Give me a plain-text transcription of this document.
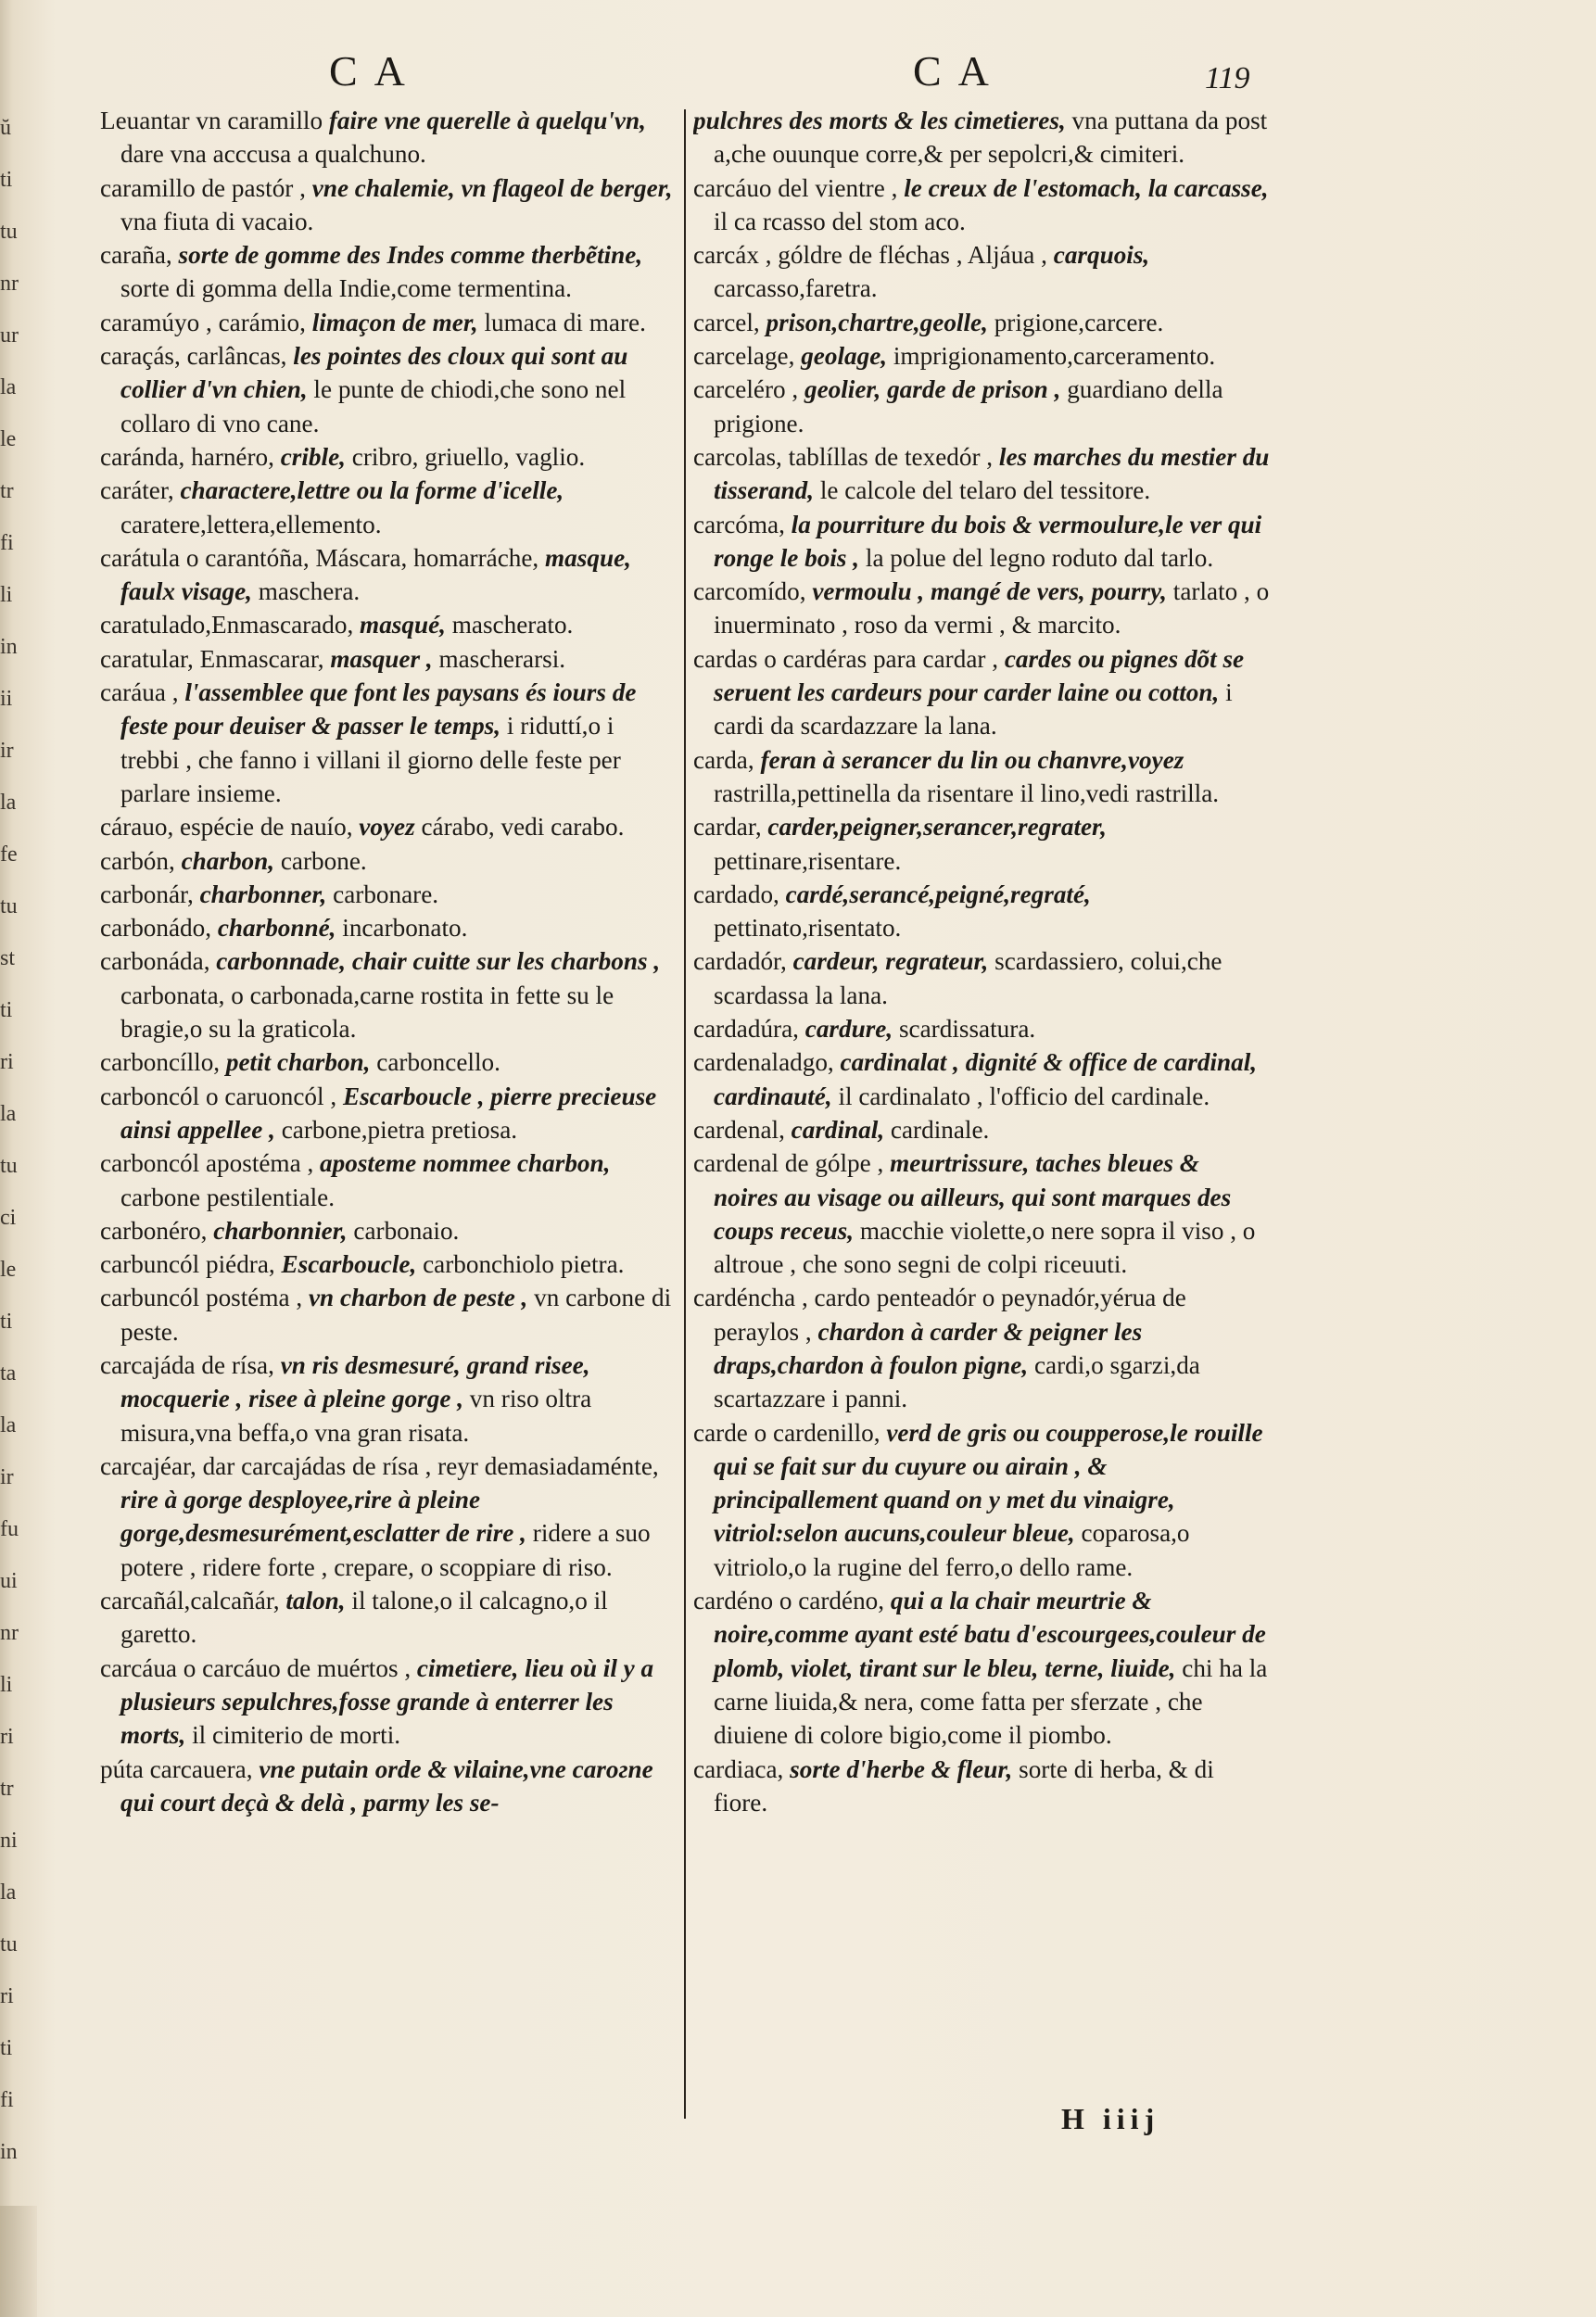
ŭ
ti
tu
nr
ur
la
le
tr
fi
li
in
ii
ir
la
fe
tu
st
ti
ri
la
tu
ci
le
ti
ta
la
ir
fu
ui
nr
li
ri
tr
ni
la
tu
ri
ti
fi
in
CA	CA	119

Leuantar vn caramillo faire vne querelle à quelqu'vn, dare vna acccusa a qualchuno.

caramillo de pastór , vne chalemie, vn flageol de berger, vna fiuta di vacaio.

caraña, sorte de gomme des Indes comme therbẽtine, sorte di gomma della Indie,come termentina.

caramúyo , carámio, limaçon de mer, lumaca di mare.

caraçás, carlâncas, les pointes des cloux qui sont au collier d'vn chien, le punte de chiodi,che sono nel collaro di vno cane.

caránda, harnéro, crible, cribro, griuello, vaglio.

caráter, charactere,lettre ou la forme d'icelle, caratere,lettera,ellemento.

carátula o carantóña, Máscara, homarráche, masque, faulx visage, maschera.

caratulado,Enmascarado, masqué, mascherato.

caratular, Enmascarar, masquer , mascherarsi.

caráua , l'assemblee que font les paysans és iours de feste pour deuiser & passer le temps, i riduttí,o i trebbi , che fanno i villani il giorno delle feste per parlare insieme.

cárauo, espécie de nauío, voyez cárabo, vedi carabo.

carbón, charbon, carbone.

carbonár, charbonner, carbonare.

carbonádo, charbonné, incarbonato.

carbonáda, carbonnade, chair cuitte sur les charbons , carbonata, o carbonada,carne rostita in fette su le bragie,o su la graticola.

carboncíllo, petit charbon, carboncello.

carboncól o caruoncól , Escarboucle , pierre precieuse ainsi appellee , carbone,pietra pretiosa.

carboncól apostéma , apostemе nommee charbon, carbone pestilentiale.

carbonéro, charbonnier, carbonaio.

carbuncól piédra, Escarboucle, carbonchiolo pietra.

carbuncól postéma , vn charbon de peste , vn carbone di peste.

carcajáda de rísa, vn ris desmesuré, grand risee, mocquerie , risee à pleine gorge , vn riso oltra misura,vna beffa,o vna gran risata.

carcajéar, dar carcajádas de rísa , reyr demasiadaménte, rire à gorge desployee,rire à pleine gorge,desmesurément,esclatter de rire , ridere a suo potere , ridere forte , crepare, o scoppiare di riso.

carcañál,calcañár, talon, il talone,o il calcagno,o il garetto.

carcáua o carcáuo de muértos , cimetiere, lieu où il y a plusieurs sepulchres,fosse grande à enterrer les morts, il cimiterio de morti.

púta carcauera, vne putain orde & vilaine,vne carогne qui court deçà & delà , parmy les se-

pulchres des morts & les cimetieres, vna puttana da post a,che ouunque corre,& per sepolcri,& cimiteri.

carcáuo del vientre , le creux de l'estomach, la carcasse, il ca rcasso del stom aco.

carcáx , góldre de fléchas , Aljáua , carquois, carcasso,faretra.

carcel, prison,chartre,geolle, prigione,carcere.

carcelage, geolage, imprigionamento,carceramento.

carceléro , geolier, garde de prison , guardiano della prigione.

carcolas, tablíllas de texedór , les marches du mestier du tisserand, le calcole del telaro del tessitore.

carcóma, la pourriture du bois & vermoulure,le ver qui ronge le bois , la polue del legno roduto dal tarlo.

carcomído, vermoulu , mangé de vers, pourry, tarlato , o inuerminato , roso da vermi , & marcito.

cardas o cardéras para cardar , cardes ou pignes dõt se seruent les cardeurs pour carder laine ou cotton, i cardi da scardazzare la lana.

carda, feran à serancer du lin ou chanvre,voyez rastrilla,pettinella da risentare il lino,vedi rastrilla.

cardar, carder,peigner,serancer,regrater, pettinare,risentare.

cardado, cardé,serancé,peigné,regraté, pettinato,risentato.

cardadór, cardeur, regrateur, scardassiero, colui,che scardassa la lana.

cardadúra, cardure, scardissatura.

cardenaladgo, cardinalat , dignité & office de cardinal, cardinauté, il cardinalato , l'officio del cardinale.

cardenal, cardinal, cardinale.

cardenal de gólpe , meurtrissure, taches bleues & noires au visage ou ailleurs, qui sont marques des coups receus, macchie violette,o nere sopra il viso , o altroue , che sono segni de colpi riceuuti.

cardéncha , cardo penteadór o peynadór,yérua de peraylos , chardon à carder & peigner les draps,chardon à foulon pigne, cardi,o sgarzi,da scartazzare i panni.

carde o cardenillo, verd de gris ou coupperose,le rouille qui se fait sur du cuyure ou airain , & principallement quand on y met du vinaigre, vitriol:selon aucuns,couleur bleue, coparosa,o vitriolo,o la rugine del ferro,o dello rame.

cardéno o cardéno, qui a la chair meurtrie & noire,comme ayant esté batu d'escourgees,couleur de plomb, violet, tirant sur le bleu, terne, liuide, chi ha la carne liuida,& nera, come fatta per sferzate , che diuiene di colore bigio,come il piombo.

cardiaca, sorte d'herbe & fleur, sorte di herba, & di fiore.

H iiij
